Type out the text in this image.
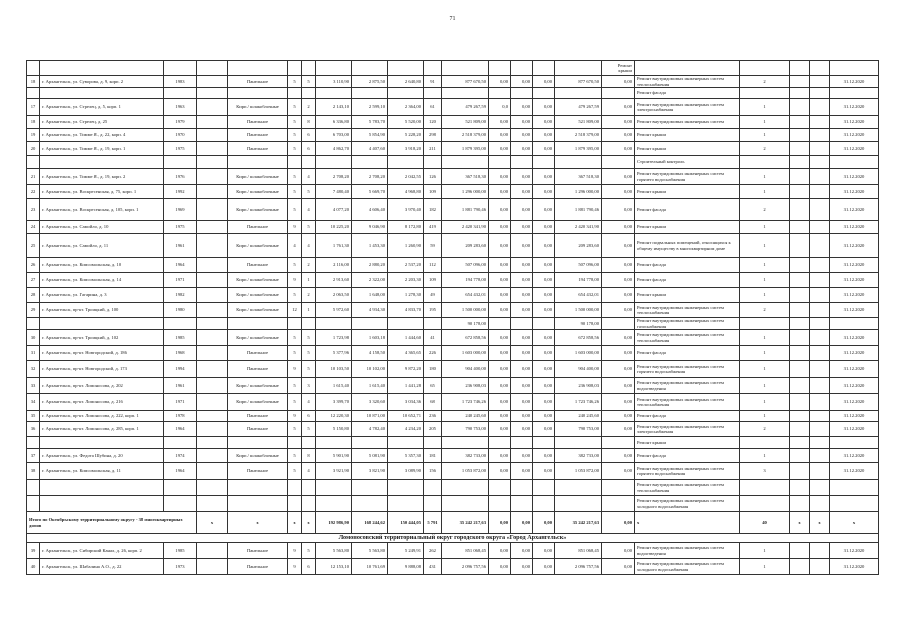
71

																Ремонт крыши					
18	г. Архангельск, ул. Суворова, д. 9, корп. 2	1983		Панельное	5	5	3 110,90	2 875,50	2 640,80	91	877 670,50	0,00	0,00	0,00	877 670,50	0,00	Ремонт внутридомовых инженерных систем теплоснабжения	2			31.12.2020
																	Ремонт фасада				
17	г. Архангельск, ул. Стрелец, д. 5, корп. 1	1963		Кирп./ шлакоблочные	5	2	2 143,10	2 599,10	2 364,00	61	479 267,59	0,0	0,00	0,00	479 267,59	0,00	Ремонт внутридомовых инженерных систем электроснабжения	1			31.12.2020
18	г. Архангельск, ул. Стрелец, д. 25	1979		Панельное	5	8	6 336,80	5 783,70	5 520,00	120	521 809,00	0,00	0,00	0,00	521 809,00	0,00	Ремонт внутридомовых инженерных систем	1			31.12.2020
19	г. Архангельск, ул. Тимме Я., д. 22, корп. 4	1970		Панельное	5	6	6 703,00	5 854,90	5 228,20	298	2 518 379,00	0,00	0,00	0,00	2 518 379,00	0,00	Ремонт крыши	1			31.12.2020
20	г. Архангельск, ул. Тимме Я., д. 19, корп. 1	1975		Панельное	5	6	4 862,70	4 407,60	3 918,20	211	1 879 395,00	0,00	0,00	0,00	1 879 395,00	0,00	Ремонт крыши	2			31.12.2020
																	Строительный контроль				
21	г. Архангельск, ул. Тимме Я., д. 19, корп. 2	1976		Кирп./ шлакоблочные	5	4	2 708,20	2 708,20	2 042,55	126	367 518,30	0,00	0,00	0,00	367 518,30	0,00	Ремонт внутридомовых инженерных систем горячего водоснабжения	1			31.12.2020
22	г. Архангельск, ул. Воскресенская, д. 75, корп. 1	1992		Кирп./ шлакоблочные	5	5	7 480,40	5 669,70	4 968,80	109	1 296 000,00	0,00	0,00	0,00	1 296 000,00	0,00	Ремонт крыши	1			31.12.2020
23	г. Архангельск, ул. Воскресенская, д. 105, корп. 1	1969		Кирп./ шлакоблочные	5	4	4 077,20	4 606,40	3 970,40	182	1 881 790,46	0,00	0,00	0,00	1 881 790,46	0,00	Ремонт фасада	2			31.12.2020
24	г. Архангельск, ул. Самойло, д. 10	1975		Панельное	9	5	10 225,20	9 046,90	8 172,80	419	2 420 341,90	0,00	0,00	0,00	2 420 341,90	0,00	Ремонт крыши	1			31.12.2020
25	г. Архангельск, ул. Самойло, д. 11	1961		Кирп./ шлакоблочные	4	4	1 761,30	1 453,30	1 260,90	59	209 283,60	0,00	0,00	0,00	209 283,60	0,00	Ремонт подвальных помещений, относящихся к общему имуществу в многоквартирном доме	1			31.12.2020
26	г. Архангельск, ул. Комсомольская, д. 10	1964		Панельное	5	2	2 116,00	2 880,20	2 537,20	112	507 096,00	0,00	0,00	0,00	507 096,00	0,00	Ремонт фасада	1			31.12.2020
27	г. Архангельск, ул. Комсомольская, д. 14	1971		Кирп./ шлакоблочные	9	1	2 913,60	2 322,00	2 203,30	109	194 778,00	0,00	0,00	0,00	194 778,00	0,00	Ремонт фасада	1			31.12.2020
28	г. Архангельск, ул. Гагарина, д. 3	1982		Кирп./ шлакоблочные	5	2	2 063,50	1 648,00	1 278,30	49	654 432,01	0,00	0,00	0,00	654 432,01	0,00	Ремонт крыши	1			31.12.2020
29	г. Архангельск, пр-кт. Троицкий, д. 100	1980		Кирп./ шлакоблочные	12	1	5 972,60	4 934,30	4 833,70	195	1 500 000,00	0,00	0,00	0,00	1 500 000,00	0,00	Ремонт внутридомовых инженерных систем теплоснабжения	2			31.12.2020
											90 178,00				90 178,00		Ремонт внутридомовых инженерных систем газоснабжения				
30	г. Архангельск, пр-кт. Троицкий, д. 102	1985		Кирп./ шлакоблочные	5	5	1 723,98	1 603,18	1 444,60	41	672 858,56	0,00	0,00	0,00	672 858,56	0,00	Ремонт внутридомовых инженерных систем теплоснабжения	1			31.12.2020
31	г. Архангельск, пр-кт. Новгородский, д. 186	1968		Панельное	5	5	5 377,96	4 158,50	4 365,65	226	1 603 000,00	0,00	0,00	0,00	1 603 000,00	0,00	Ремонт фасада	1			31.12.2020
32	г. Архангельск, пр-кт. Новгородский, д. 173	1994		Панельное	9	5	10 103,50	10 102,00	9 872,20	180	904 400,00	0,00	0,00	0,00	904 400,00	0,00	Ремонт внутридомовых инженерных систем горячего водоснабжения	1			31.12.2020
33	г. Архангельск, пр-кт. Ломоносова, д. 202	1961		Кирп./ шлакоблочные	5	3	1 615,40	1 615,40	1 441,28	65	236 908,03	0,00	0,00	0,00	236 908,03	0,00	Ремонт внутридомовых инженерных систем водоотведения	1			31.12.2020
34	г. Архангельск, пр-кт. Ломоносова, д. 216	1971		Кирп./ шлакоблочные	5	4	3 399,70	3 320,60	3 034,36	68	1 723 746,26	0,00	0,00	0,00	1 723 746,26	0,00	Ремонт внутридомовых инженерных систем теплоснабжения	1			31.12.2020
35	г. Архангельск, пр-кт. Ломоносова, д. 222, корп. 1	1978		Панельное	9	6	12 220,30	10 871,00	10 652,71	236	240 245,60	0,00	0,00	0,00	240 245,60	0,00	Ремонт фасада	1			31.12.2020
36	г. Архангельск, пр-кт. Ломоносова, д. 285, корп. 1	1964		Панельное	5	5	5 150,80	4 782,40	4 234,20	205	790 753,00	0,00	0,00	0,00	790 753,00	0,00	Ремонт внутридомовых инженерных систем электроснабжения	2			31.12.2020
																	Ремонт крыши				
37	г. Архангельск, ул. Федота Шубина, д. 20	1974		Кирп./ шлакоблочные	5	8	5 901,90	5 081,90	5 357,30	181	382 733,00	0,00	0,00	0,00	382 733,00	0,00	Ремонт фасада	1			31.12.2020
38	г. Архангельск, ул. Комсомольская, д. 11	1964		Панельное	5	4	3 921,90	3 821,90	3 089,90	156	1 053 872,00	0,00	0,00	0,00	1 053 872,00	0,00	Ремонт внутридомовых инженерных систем горячего водоснабжения	3			31.12.2020
																	Ремонт внутридомовых инженерных систем теплоснабжения				
																	Ремонт внутридомовых инженерных систем холодного водоснабжения				
Итого по Октябрьскому территориальному округу - 38 многоквартирных домов			х	х	х	х	192 986,90	168 244,62	150 444,05	5 791	35 242 217,63	0,00	0,00	0,00	35 242 217,63	0,00	х	40	х	х	х
Ломоносовский территориальный округ городского округа «Город Архангельск»																					
39	г. Архангельск, ул. Сибирский Канал, д. 26, корп. 2	1985		Панельное	9	5	5 563,80	5 563,80	5 249,91	262	851 068,45	0,00	0,00	0,00	851 068,45	0,00	Ремонт внутридомовых инженерных систем водоотведения	1			31.12.2020
40	г. Архангельск, ул. Шабалина А.О., д. 22	1973		Панельное	9	6	12 153,10	10 761,69	9 888,08	431	2 096 757,56	0,00	0,00	0,00	2 096 757,56	0,00	Ремонт внутридомовых инженерных систем холодного водоснабжения	1			31.12.2020
